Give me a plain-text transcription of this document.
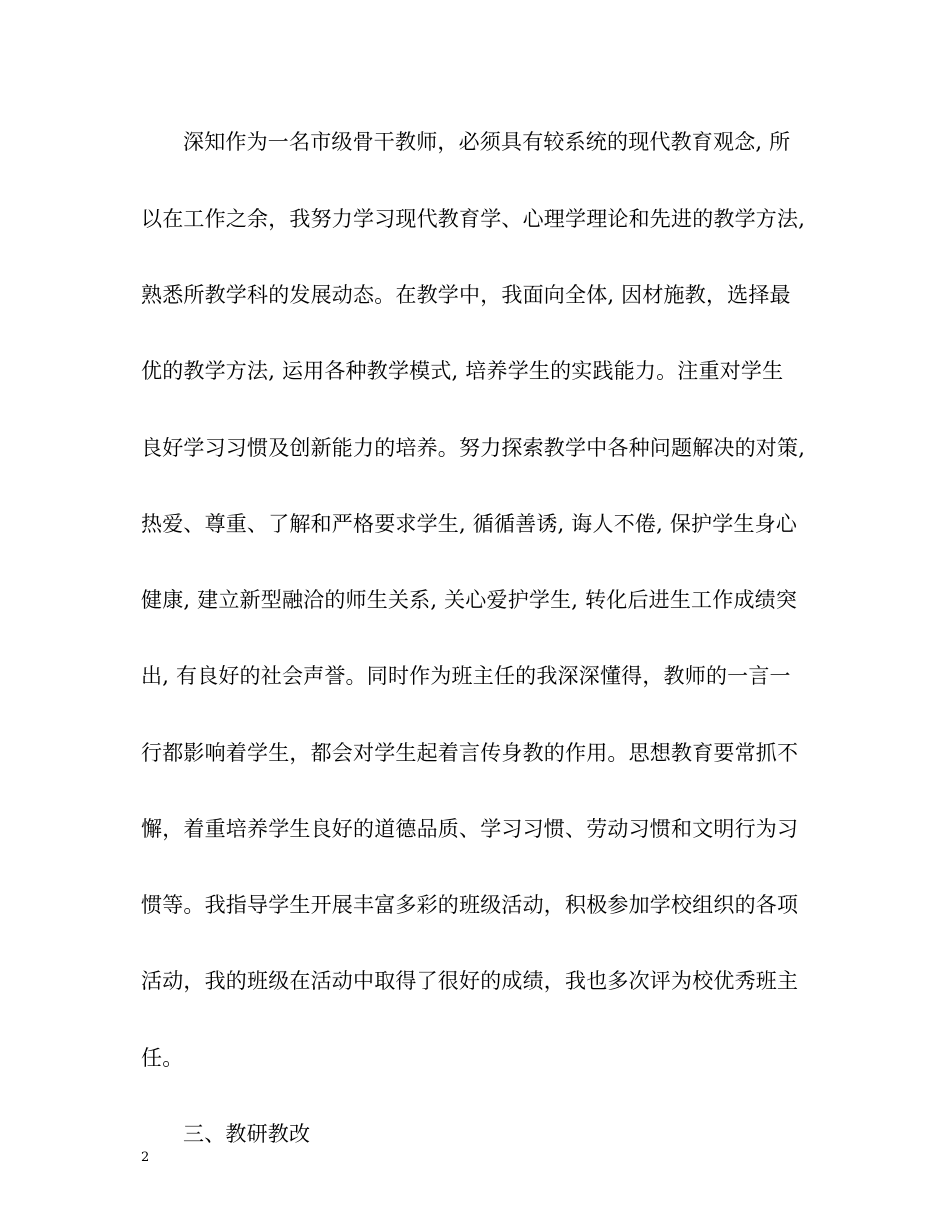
深知作为一名市级骨干教师，必须具有较系统的现代教育观念, 所
以在工作之余，我努力学习现代教育学、心理学理论和先进的教学方法,
熟悉所教学科的发展动态。在教学中，我面向全体, 因材施教，选择最
优的教学方法, 运用各种教学模式, 培养学生的实践能力。注重对学生
良好学习习惯及创新能力的培养。努力探索教学中各种问题解决的对策,
热爱、尊重、了解和严格要求学生, 循循善诱, 诲人不倦, 保护学生身心
健康, 建立新型融洽的师生关系, 关心爱护学生, 转化后进生工作成绩突
出, 有良好的社会声誉。同时作为班主任的我深深懂得，教师的一言一
行都影响着学生，都会对学生起着言传身教的作用。思想教育要常抓不
懈，着重培养学生良好的道德品质、学习习惯、劳动习惯和文明行为习
惯等。我指导学生开展丰富多彩的班级活动，积极参加学校组织的各项
活动，我的班级在活动中取得了很好的成绩，我也多次评为校优秀班主
任。
三、教研教改
2
